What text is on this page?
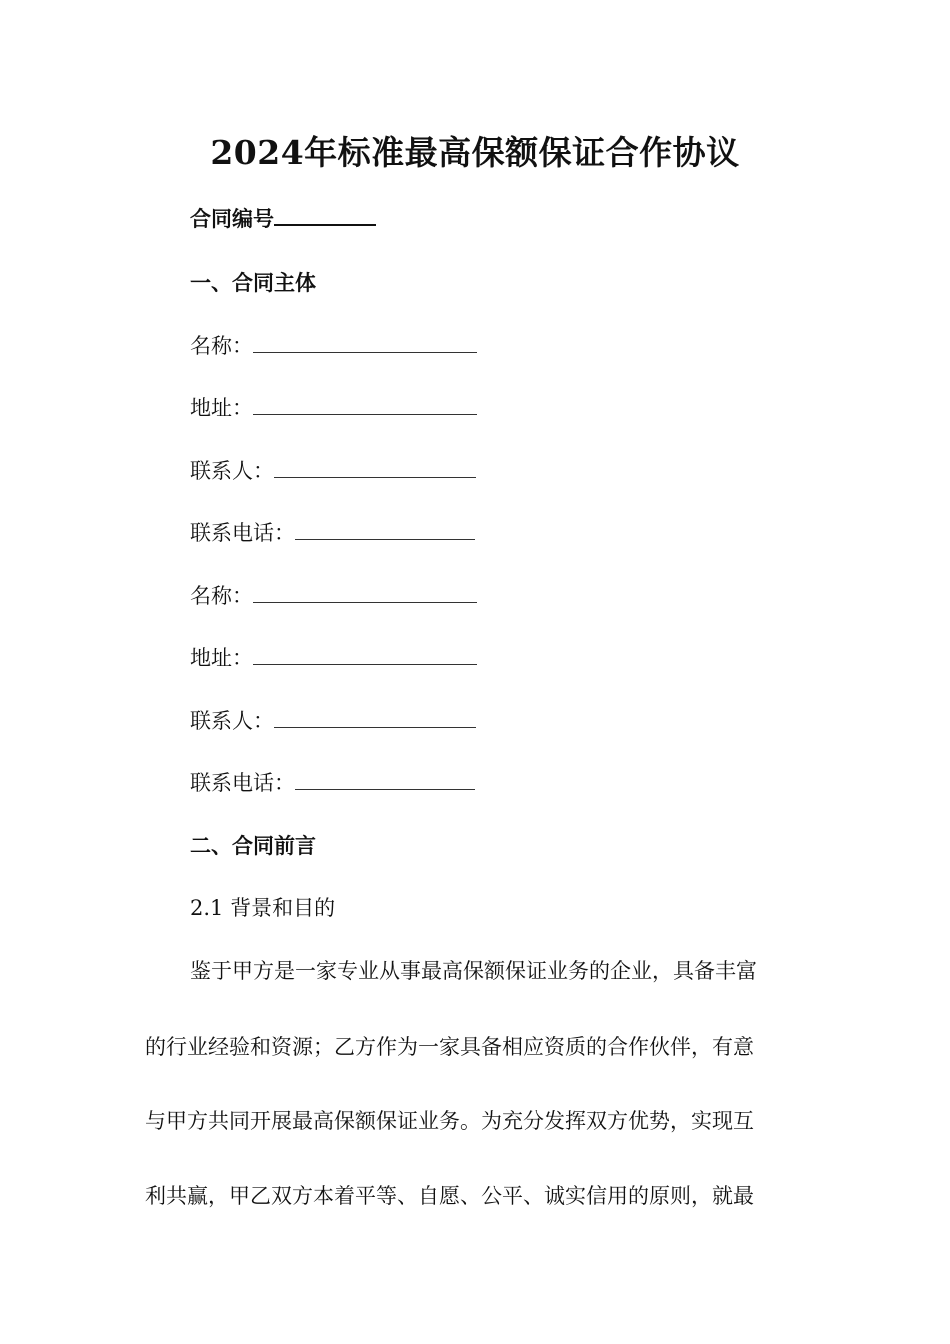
2024年标准最高保额保证合作协议
合同编号
一、合同主体
名称：
地址：
联系人：
联系电话：
名称：
地址：
联系人：
联系电话：
二、合同前言
2.1 背景和目的
鉴于甲方是一家专业从事最高保额保证业务的企业，具备丰富
的行业经验和资源；乙方作为一家具备相应资质的合作伙伴，有意
与甲方共同开展最高保额保证业务。为充分发挥双方优势，实现互
利共赢，甲乙双方本着平等、自愿、公平、诚实信用的原则，就最
